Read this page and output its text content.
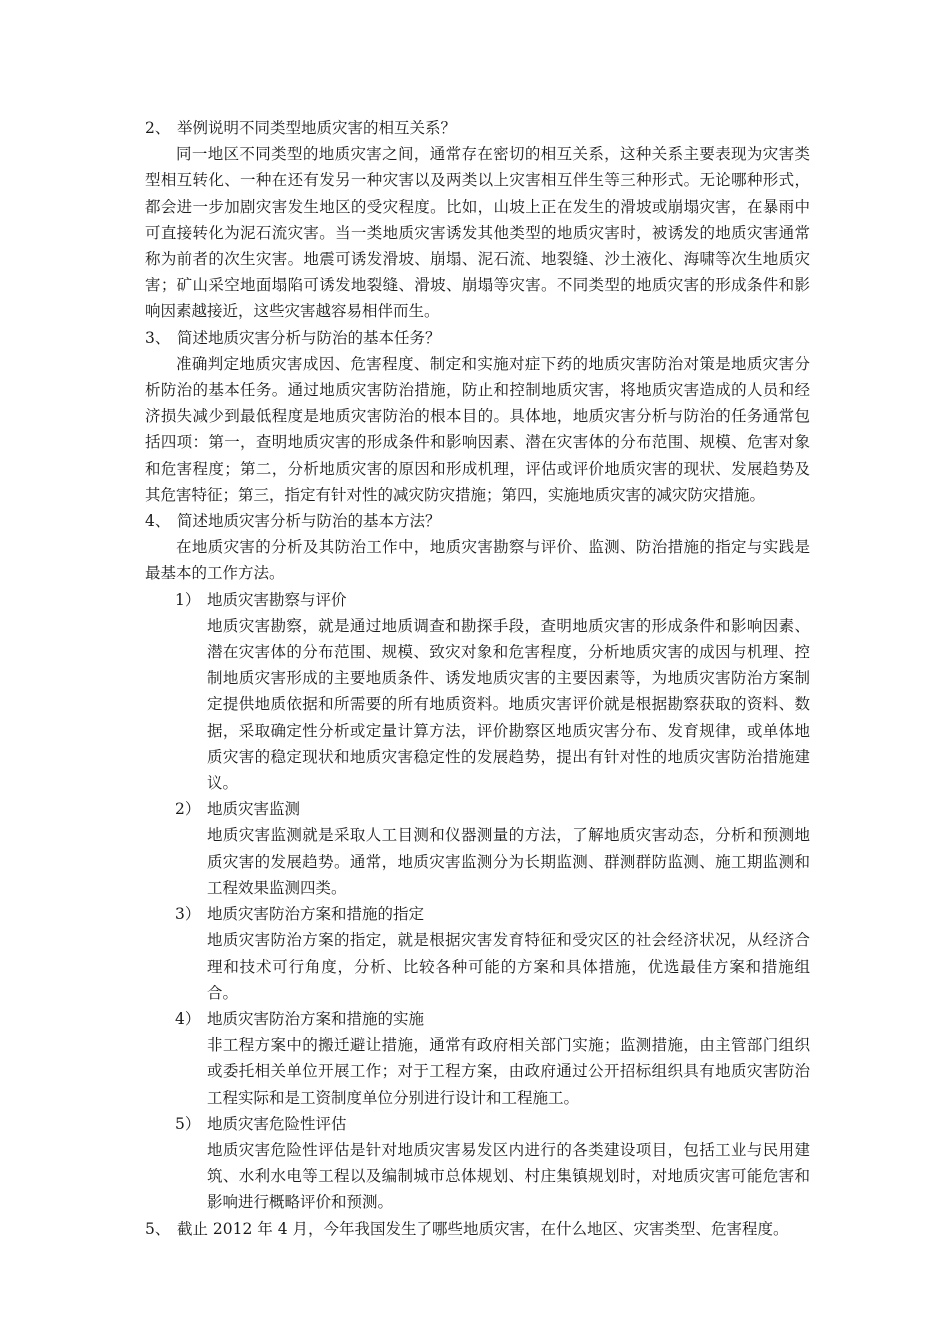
2、 举例说明不同类型地质灾害的相互关系？

同一地区不同类型的地质灾害之间，通常存在密切的相互关系，这种关系主要表现为灾害类型相互转化、一种在还有发另一种灾害以及两类以上灾害相互伴生等三种形式。无论哪种形式，都会进一步加剧灾害发生地区的受灾程度。比如，山坡上正在发生的滑坡或崩塌灾害，在暴雨中可直接转化为泥石流灾害。当一类地质灾害诱发其他类型的地质灾害时，被诱发的地质灾害通常称为前者的次生灾害。地震可诱发滑坡、崩塌、泥石流、地裂缝、沙土液化、海啸等次生地质灾害；矿山采空地面塌陷可诱发地裂缝、滑坡、崩塌等灾害。不同类型的地质灾害的形成条件和影响因素越接近，这些灾害越容易相伴而生。

3、 简述地质灾害分析与防治的基本任务？

准确判定地质灾害成因、危害程度、制定和实施对症下药的地质灾害防治对策是地质灾害分析防治的基本任务。通过地质灾害防治措施，防止和控制地质灾害，将地质灾害造成的人员和经济损失减少到最低程度是地质灾害防治的根本目的。具体地，地质灾害分析与防治的任务通常包括四项：第一，查明地质灾害的形成条件和影响因素、潜在灾害体的分布范围、规模、危害对象和危害程度；第二，分析地质灾害的原因和形成机理，评估或评价地质灾害的现状、发展趋势及其危害特征；第三，指定有针对性的减灾防灾措施；第四，实施地质灾害的减灾防灾措施。

4、 简述地质灾害分析与防治的基本方法？

在地质灾害的分析及其防治工作中，地质灾害勘察与评价、监测、防治措施的指定与实践是最基本的工作方法。

1） 地质灾害勘察与评价

地质灾害勘察，就是通过地质调查和勘探手段，查明地质灾害的形成条件和影响因素、潜在灾害体的分布范围、规模、致灾对象和危害程度，分析地质灾害的成因与机理、控制地质灾害形成的主要地质条件、诱发地质灾害的主要因素等，为地质灾害防治方案制定提供地质依据和所需要的所有地质资料。地质灾害评价就是根据勘察获取的资料、数据，采取确定性分析或定量计算方法，评价勘察区地质灾害分布、发育规律，或单体地质灾害的稳定现状和地质灾害稳定性的发展趋势，提出有针对性的地质灾害防治措施建议。

2） 地质灾害监测

地质灾害监测就是采取人工目测和仪器测量的方法，了解地质灾害动态，分析和预测地质灾害的发展趋势。通常，地质灾害监测分为长期监测、群测群防监测、施工期监测和工程效果监测四类。

3） 地质灾害防治方案和措施的指定

地质灾害防治方案的指定，就是根据灾害发育特征和受灾区的社会经济状况，从经济合理和技术可行角度，分析、比较各种可能的方案和具体措施，优选最佳方案和措施组合。

4） 地质灾害防治方案和措施的实施

非工程方案中的搬迁避让措施，通常有政府相关部门实施；监测措施，由主管部门组织或委托相关单位开展工作；对于工程方案，由政府通过公开招标组织具有地质灾害防治工程实际和是工资制度单位分别进行设计和工程施工。

5） 地质灾害危险性评估

地质灾害危险性评估是针对地质灾害易发区内进行的各类建设项目，包括工业与民用建筑、水利水电等工程以及编制城市总体规划、村庄集镇规划时，对地质灾害可能危害和影响进行概略评价和预测。

5、 截止 2012 年 4 月，今年我国发生了哪些地质灾害，在什么地区、灾害类型、危害程度。
